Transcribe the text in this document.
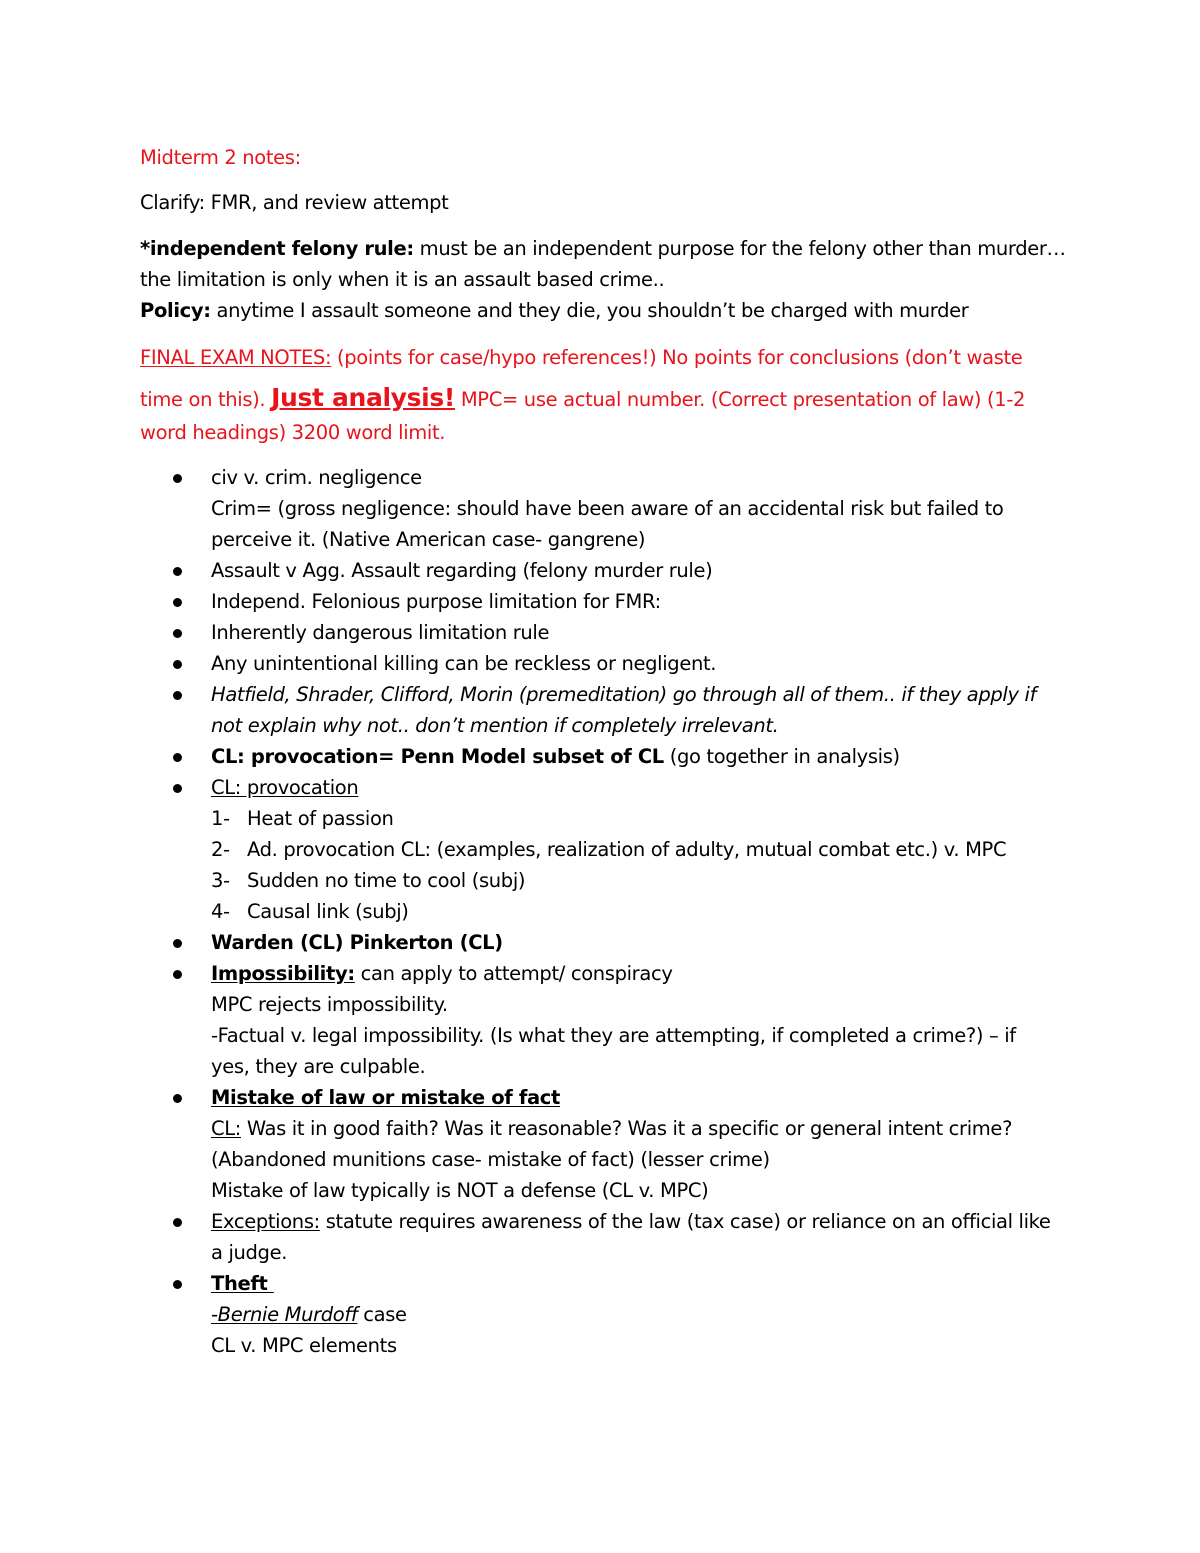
Midterm 2 notes:
Clarify: FMR, and review attempt
*independent felony rule: must be an independent purpose for the felony other than murder…
the limitation is only when it is an assault based crime..
Policy: anytime I assault someone and they die, you shouldn’t be charged with murder
FINAL EXAM NOTES: (points for case/hypo references!) No points for conclusions (don’t waste
time on this). Just analysis! MPC= use actual number. (Correct presentation of law) (1-2
word headings) 3200 word limit.
civ v. crim. negligence
Crim= (gross negligence: should have been aware of an accidental risk but failed to
perceive it. (Native American case- gangrene)
Assault v Agg. Assault regarding (felony murder rule)
Independ. Felonious purpose limitation for FMR:
Inherently dangerous limitation rule
Any unintentional killing can be reckless or negligent.
Hatfield, Shrader, Clifford, Morin (premeditation) go through all of them.. if they apply if
not explain why not.. don’t mention if completely irrelevant.
CL: provocation= Penn Model subset of CL (go together in analysis)
CL: provocation
1- Heat of passion
2- Ad. provocation CL: (examples, realization of adulty, mutual combat etc.) v. MPC
3- Sudden no time to cool (subj)
4- Causal link (subj)
Warden (CL) Pinkerton (CL)
Impossibility: can apply to attempt/ conspiracy
MPC rejects impossibility.
-Factual v. legal impossibility. (Is what they are attempting, if completed a crime?) – if
yes, they are culpable.
Mistake of law or mistake of fact
CL: Was it in good faith? Was it reasonable? Was it a specific or general intent crime?
(Abandoned munitions case- mistake of fact) (lesser crime)
Mistake of law typically is NOT a defense (CL v. MPC)
Exceptions: statute requires awareness of the law (tax case) or reliance on an official like
a judge.
Theft
-Bernie Murdoff case
CL v. MPC elements
